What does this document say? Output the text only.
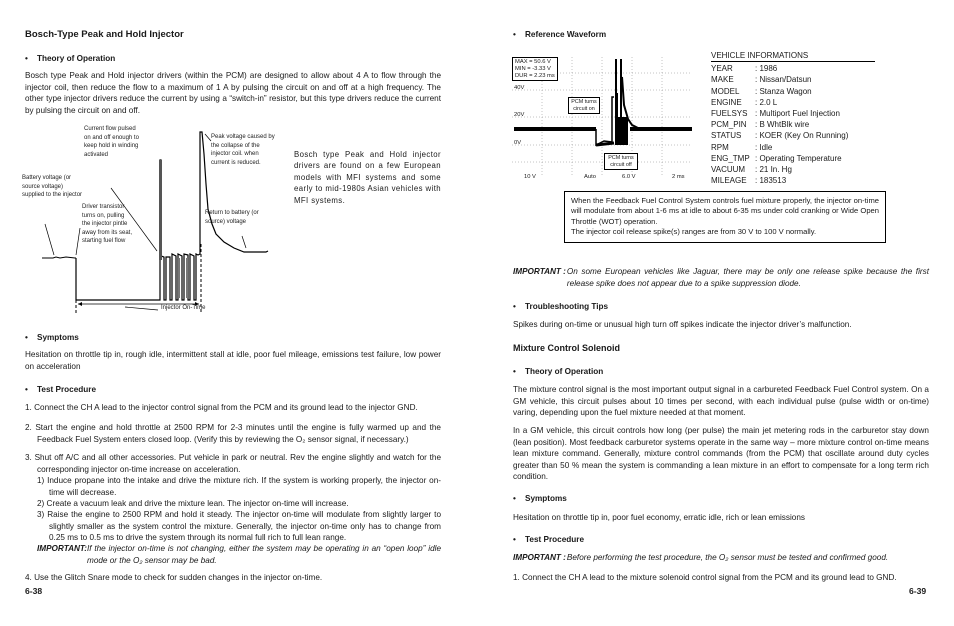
Bosch-Type Peak and Hold Injector
• Theory of Operation
Bosch type Peak and Hold injector drivers (within the PCM) are designed to allow about 4 A to flow through the injector coil, then reduce the flow to a maximum of 1 A by pulsing the circuit on and off at a high frequency. The other type injector drivers reduce the current by using a “switch-in” resistor, but this type drivers reduce the current by pulsing the circuit on and off.
Current flow pulsed on and off enough to keep hold in winding activated
Peak voltage caused by the collapse of the injector coil. when current is reduced.
Battery voltage (or source voltage) supplied to the injector
Driver transistor turns on, pulling the injector pintle away from its seat, starting fuel flow
Return to battery (or source) voltage
Injector On-Time
Bosch type Peak and Hold injector drivers are found on a few European models with MFI systems and some early to mid-1980s Asian vehicles with MFI systems.
• Symptoms
Hesitation on throttle tip in, rough idle, intermittent stall at idle, poor fuel mileage, emissions test failure, low power on acceleration
• Test Procedure
1. Connect the CH A lead to the injector control signal from the PCM and its ground lead to the injector GND.
2. Start the engine and hold throttle at 2500 RPM for 2-3 minutes until the engine is fully warmed up and the Feedback Fuel System enters closed loop. (Verify this by reviewing the O₂ sensor signal, if necessary.)
3. Shut off A/C and all other accessories. Put vehicle in park or neutral. Rev the engine slightly and watch for the corresponding injector on-time increase on acceleration.
1) Induce propane into the intake and drive the mixture rich. If the system is working properly, the injector on-time will decrease.
2) Create a vacuum leak and drive the mixture lean. The injector on-time will increase.
3) Raise the engine to 2500 RPM and hold it steady. The injector on-time will modulate from slightly larger to slightly smaller as the system control the mixture. Generally, the injector on-time only has to change from 0.25 ms to 0.5 ms to drive the system through its normal full rich to full lean range.
IMPORTANT: If the injector on-time is not changing, either the system may be operating in an “open loop” idle mode or the O₂ sensor may be bad.
4. Use the Glitch Snare mode to check for sudden changes in the injector on-time.
6-38
• Reference Waveform
MAX = 50.6 V
MIN = -3.33 V
DUR = 2.23 ms
40V
20V
0V
PCM turns circuit on
PCM turns circuit off
10 V	Auto	6.0 V	2 ms
VEHICLE INFORMATIONS
YEAR	: 1986
MAKE	: Nissan/Datsun
MODEL	: Stanza Wagon
ENGINE	: 2.0 L
FUELSYS : Multiport Fuel Injection
PCM_PIN	: B WhtBlk wire
STATUS	: KOER (Key On Running)
RPM	: Idle
ENG_TMP : Operating Temperature
VACUUM	: 21 In. Hg
MILEAGE	: 183513
When the Feedback Fuel Control System controls fuel mixture properly, the injector on-time will modulate from about 1-6 ms at idle to about 6-35 ms under cold cranking or Wide Open Throttle (WOT) operation.
The injector coil release spike(s) ranges are from 30 V to 100 V normally.
IMPORTANT : On some European vehicles like Jaguar, there may be only one release spike because the first release spike does not appear due to a spike suppression diode.
• Troubleshooting Tips
Spikes during on-time or unusual high turn off spikes indicate the injector driver’s malfunction.
Mixture Control Solenoid
• Theory of Operation
The mixture control signal is the most important output signal in a carbureted Feedback Fuel Control system. On a GM vehicle, this circuit pulses about 10 times per second, with each individual pulse (pulse width or on-time) varing, depending upon the fuel mixture needed at that moment.
In a GM vehicle, this circuit controls how long (per pulse) the main jet metering rods in the carburetor stay down (lean position). Most feedback carburetor systems operate in the same way – more mixture control on-time means lean mixture command. Generally, mixture control commands (from the PCM) that oscillate around duty cycles greater than 50 % mean the system is commanding a lean mixture in an effort to compensate for a long term rich condition.
• Symptoms
Hesitation on throttle tip in, poor fuel economy, erratic idle, rich or lean emissions
• Test Procedure
IMPORTANT : Before performing the test procedure, the O₂ sensor must be tested and confirmed good.
1. Connect the CH A lead to the mixture solenoid control signal from the PCM and its ground lead to GND.
6-39
